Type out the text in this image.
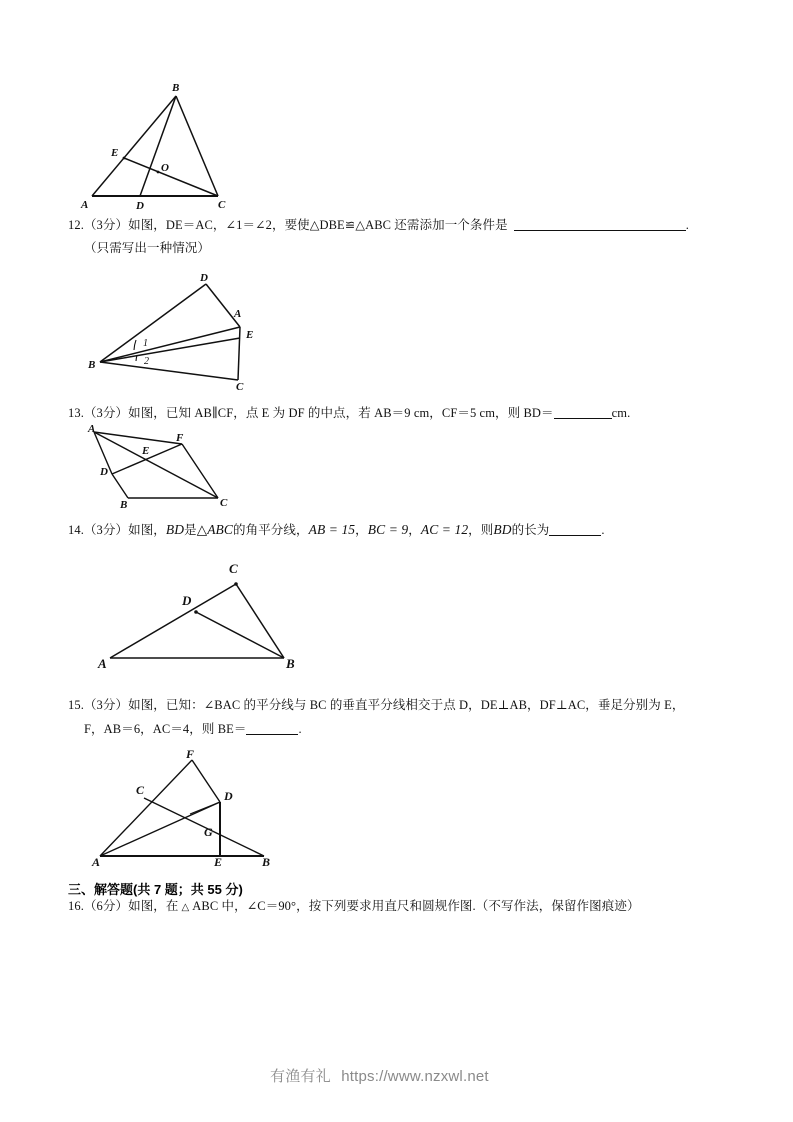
B
E
O
A	D	C
12.（3分）如图，DE＝AC，∠1＝∠2，要使△DBE≌△ABC 还需添加一个条件是	.
（只需写出一种情况）
D
A
E
B
C
1
2
13.（3分）如图，已知 AB∥CF，点 E 为 DF 的中点，若 AB＝9 cm，CF＝5 cm，则 BD＝	cm.
A
F
E
D
B	C
14.（3分）如图，BD是△ABC的角平分线，AB = 15，BC = 9，AC = 12，则BD的长为	.
C
D
A	B
15.（3分）如图，已知：∠BAC 的平分线与 BC 的垂直平分线相交于点 D，DE⊥AB，DF⊥AC，垂足分别为 E，
F，AB＝6，AC＝4，则 BE＝	.
F
C	D
G
A	E	B
三、解答题(共 7 题；共 55 分)
16.（6分）如图，在 △ ABC 中，∠C＝90°，按下列要求用直尺和圆规作图.（不写作法，保留作图痕迹）
有渔有礼 https://www.nzxwl.net
